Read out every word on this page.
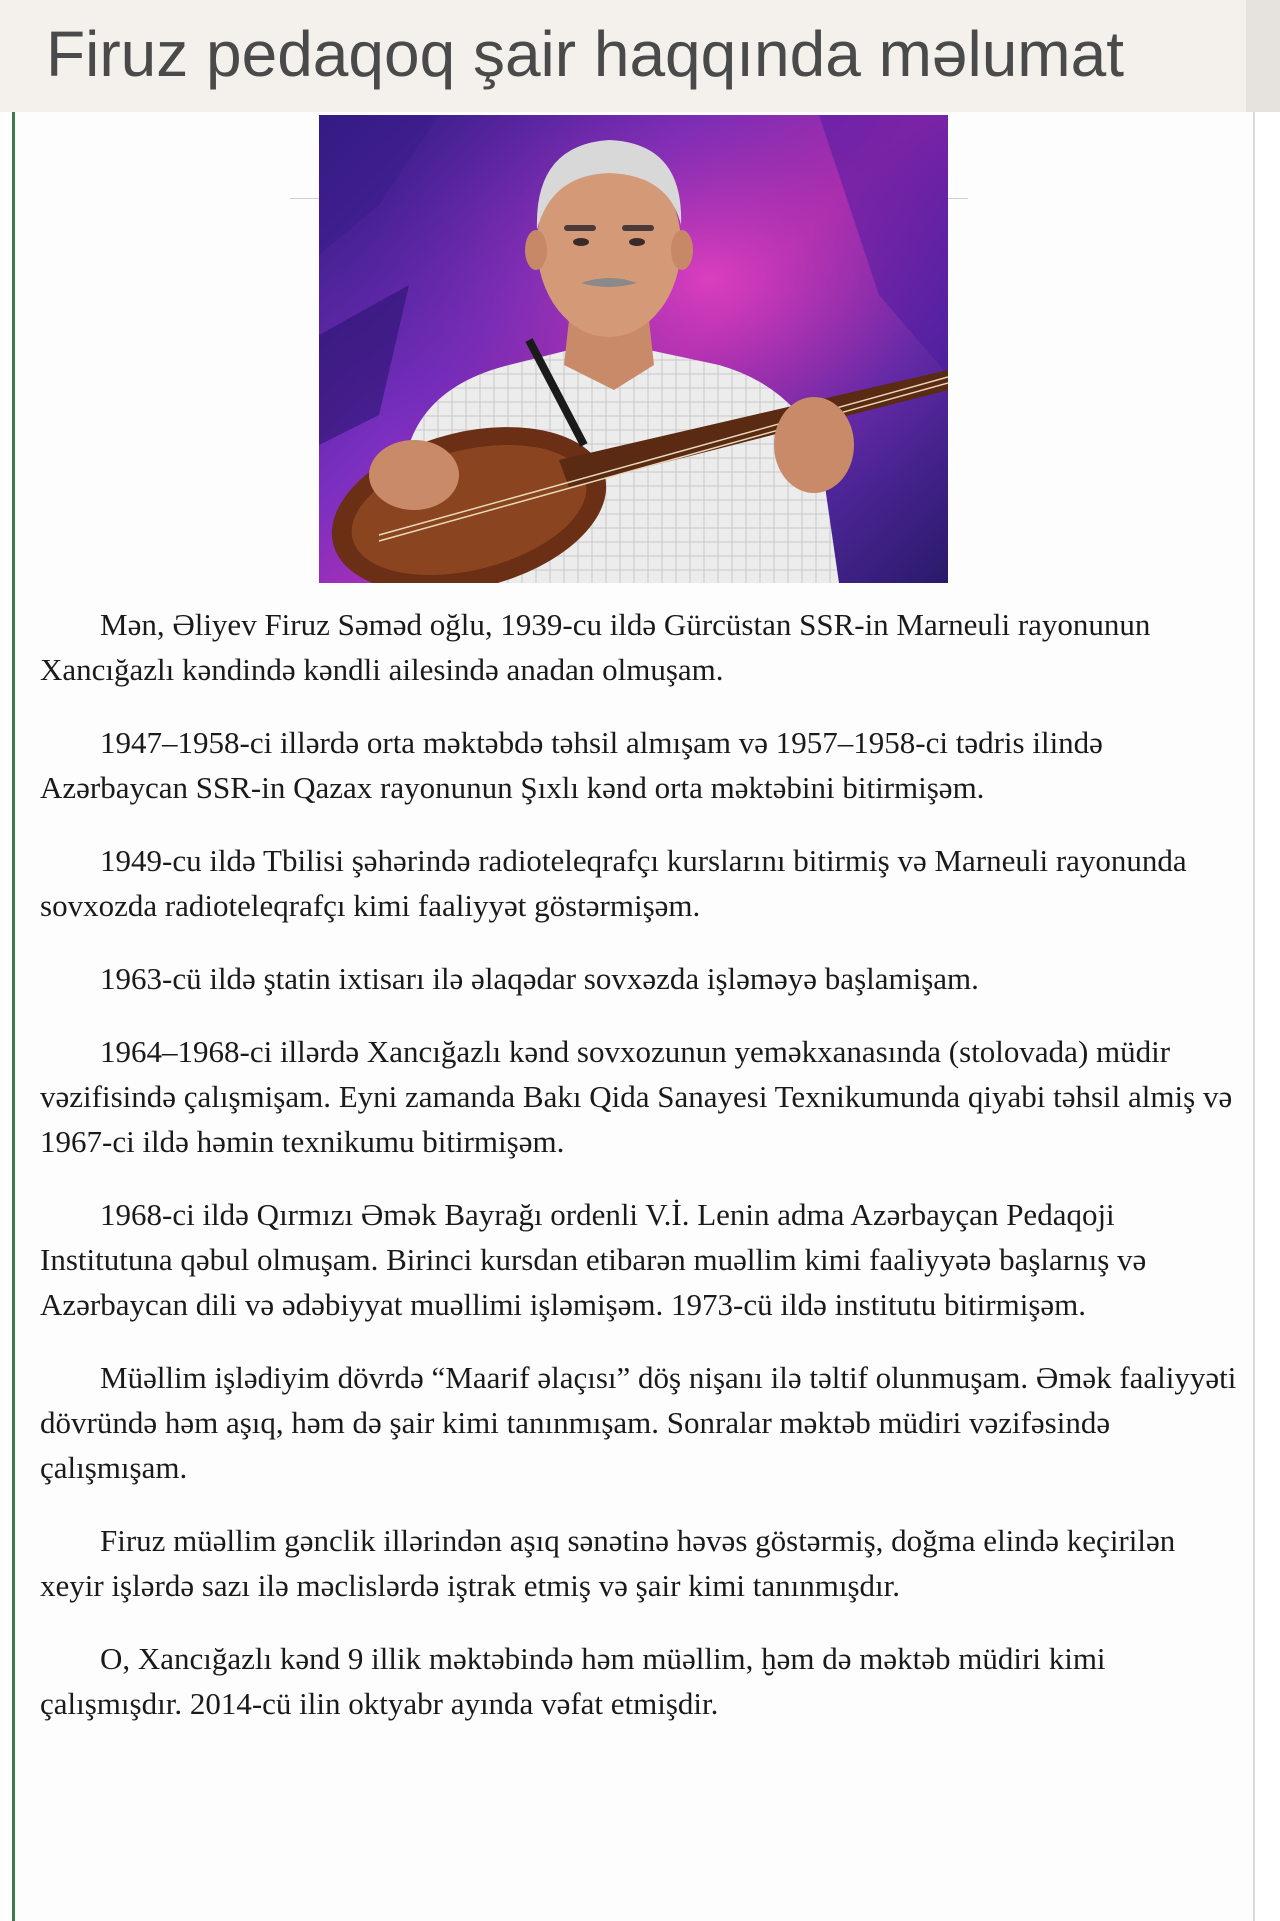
Firuz pedaqoq şair haqqında məlumat

Mən, Əliyev Firuz Səməd oğlu, 1939-cu ildə Gürcüstan SSR-in Marneuli rayonunun Xancığazlı kəndində kəndli ailesində anadan olmuşam.

1947–1958-ci illərdə orta məktəbdə təhsil almışam və 1957–1958-ci tədris ilində Azərbaycan SSR-in Qazax rayonunun Şıxlı kənd orta məktəbini bitirmişəm.

1949-cu ildə Tbilisi şəhərində radioteleqrafçı kurslarını bitirmiş və Marneuli rayonunda sovxozda radioteleqrafçı kimi faaliyyət göstərmişəm.

1963-cü ildə ştatin ixtisarı ilə əlaqədar sovxəzda işləməyə başlamişam.

1964–1968-ci illərdə Xancığazlı kənd sovxozunun yeməkxanasında (stolovada) müdir vəzifisində çalışmişam. Eyni zamanda Bakı Qida Sanayesi Texnikumunda qiyabi təhsil almiş və 1967-ci ildə həmin texnikumu bitirmişəm.

1968-ci ildə Qırmızı Əmək Bayrağı ordenli V.İ. Lenin adma Azərbayçan Pedaqoji Institutuna qəbul olmuşam. Birinci kursdan etibarən muəllim kimi faaliyyətə başlarnış və Azərbaycan dili və ədəbiyyat muəllimi işləmişəm. 1973-cü ildə institutu bitirmişəm.

Müəllim işlədiyim dövrdə “Maarif əlaçısı” döş nişanı ilə təltif olunmuşam. Əmək faaliyyəti dövründə həm aşıq, həm də şair kimi tanınmışam. Sonralar məktəb müdiri vəzifəsində çalışmışam.

Firuz müəllim gənclik illərindən aşıq sənətinə həvəs göstərmiş, doğma elində keçirilən xeyir işlərdə sazı ilə məclislərdə iştrak etmiş və şair kimi tanınmışdır.

O, Xancığazlı kənd 9 illik məktəbində həm müəllim, ḫəm də məktəb müdiri kimi çalışmışdır. 2014-cü ilin oktyabr ayında vəfat etmişdir.
